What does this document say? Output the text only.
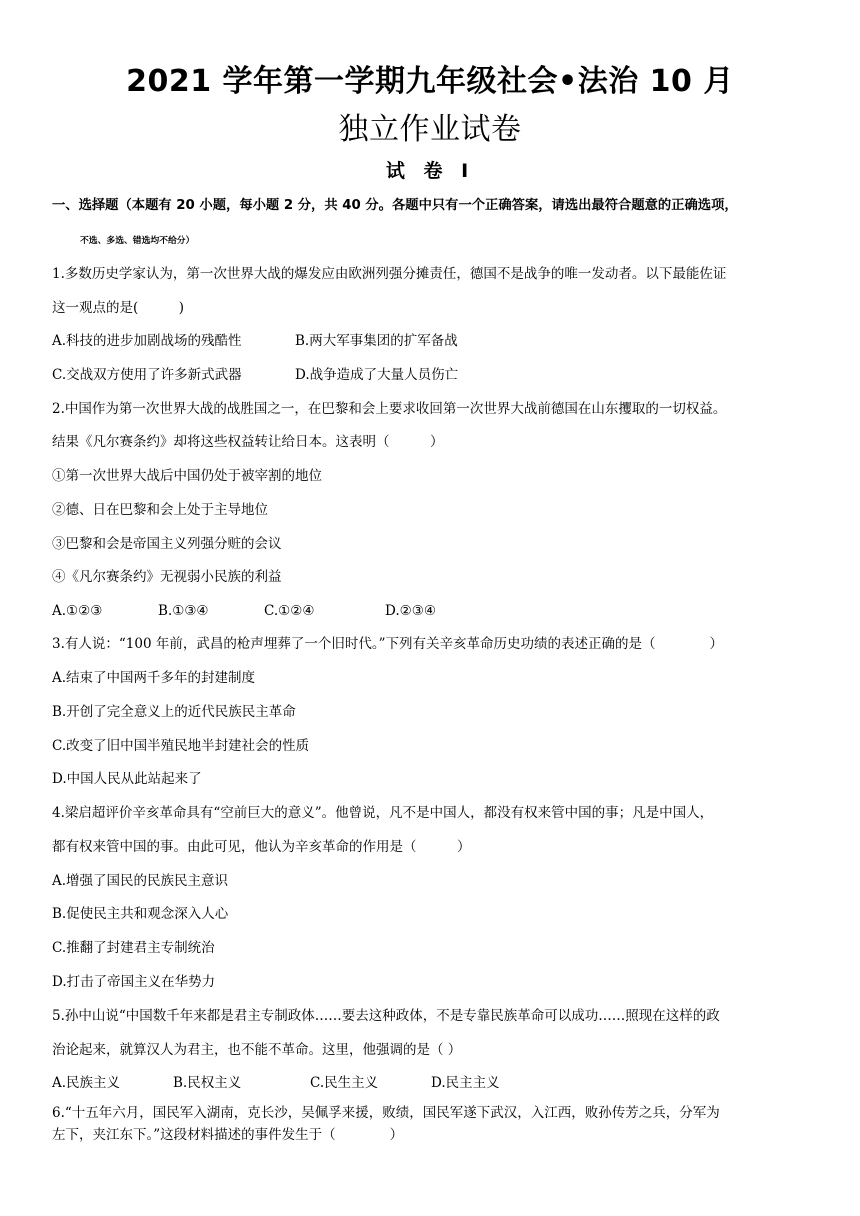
2021 学年第一学期九年级社会•法治 10 月
独立作业试卷
试 卷 Ⅰ
一、选择题（本题有 20 小题，每小题 2 分，共 40 分。各题中只有一个正确答案，请选出最符合题意的正确选项，
不选、多选、错选均不给分）
1.多数历史学家认为，第一次世界大战的爆发应由欧洲列强分摊责任，德国不是战争的唯一发动者。以下最能佐证
这一观点的是(　　　)
A.科技的进步加剧战场的残酷性	B.两大军事集团的扩军备战
C.交战双方使用了许多新式武器	D.战争造成了大量人员伤亡
2.中国作为第一次世界大战的战胜国之一，在巴黎和会上要求收回第一次世界大战前德国在山东攫取的一切权益。
结果《凡尔赛条约》却将这些权益转让给日本。这表明（　　　）
①第一次世界大战后中国仍处于被宰割的地位
②德、日在巴黎和会上处于主导地位
③巴黎和会是帝国主义列强分赃的会议
④《凡尔赛条约》无视弱小民族的利益
A.①②③	B.①③④	C.①②④	D.②③④
3.有人说：“100 年前，武昌的枪声埋葬了一个旧时代。”下列有关辛亥革命历史功绩的表述正确的是（　　　　）
A.结束了中国两千多年的封建制度
B.开创了完全意义上的近代民族民主革命
C.改变了旧中国半殖民地半封建社会的性质
D.中国人民从此站起来了
4.梁启超评价辛亥革命具有“空前巨大的意义”。他曾说，凡不是中国人，都没有权来管中国的事；凡是中国人，
都有权来管中国的事。由此可见，他认为辛亥革命的作用是（　　　）
A.增强了国民的民族民主意识
B.促使民主共和观念深入人心
C.推翻了封建君主专制统治
D.打击了帝国主义在华势力
5.孙中山说“中国数千年来都是君主专制政体……要去这种政体，不是专靠民族革命可以成功……照现在这样的政
治论起来，就算汉人为君主，也不能不革命。这里，他强调的是（ ）
A.民族主义	B.民权主义	C.民生主义	D.民主主义
6.“十五年六月，国民军入湖南，克长沙，吴佩孚来援，败绩，国民军遂下武汉，入江西，败孙传芳之兵，分军为
左下，夹江东下。”这段材料描述的事件发生于（　　　　）
